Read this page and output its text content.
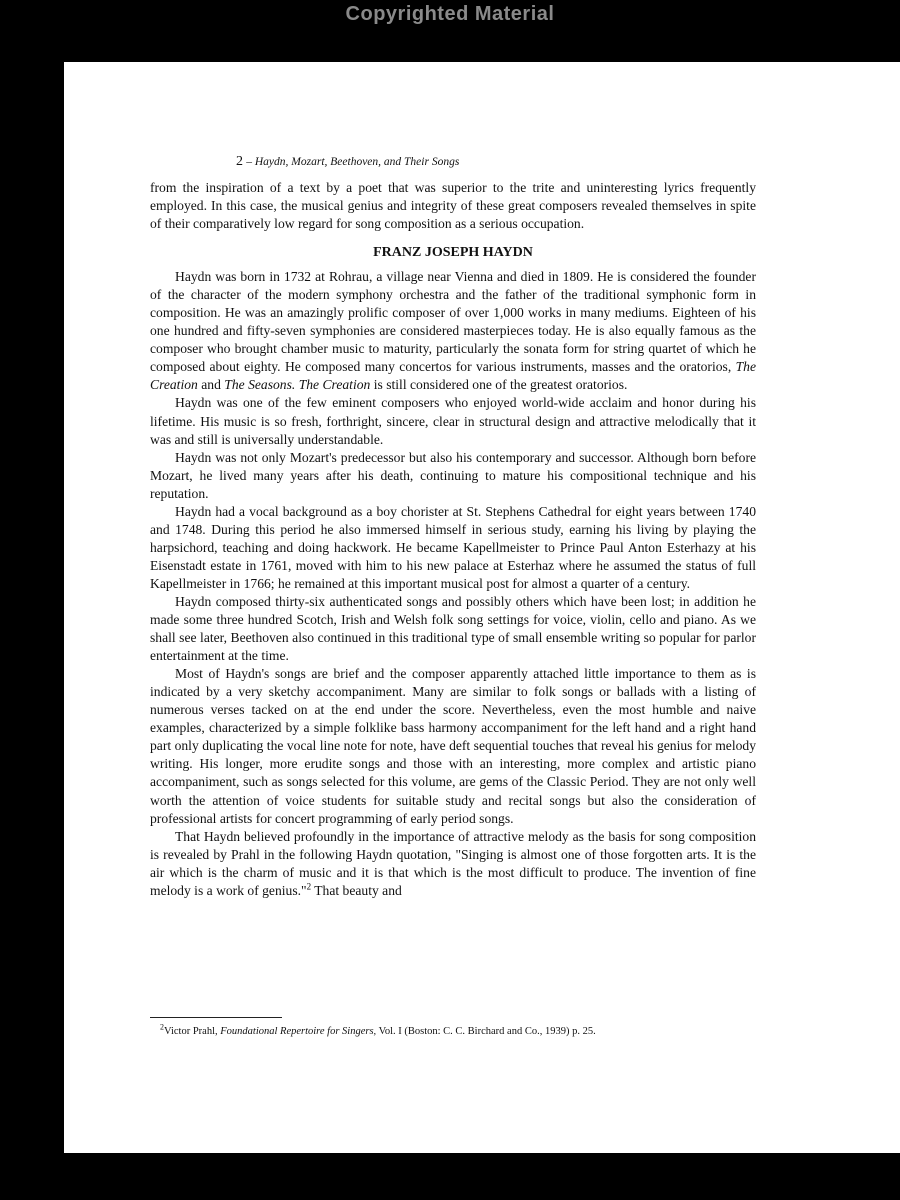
Copyrighted Material
2 – Haydn, Mozart, Beethoven, and Their Songs

from the inspiration of a text by a poet that was superior to the trite and uninteresting lyrics frequently employed. In this case, the musical genius and integrity of these great composers revealed themselves in spite of their comparatively low regard for song composition as a serious occupation.

FRANZ JOSEPH HAYDN

Haydn was born in 1732 at Rohrau, a village near Vienna and died in 1809. He is considered the founder of the character of the modern symphony orchestra and the father of the traditional symphonic form in composition. He was an amazingly prolific composer of over 1,000 works in many mediums. Eighteen of his one hundred and fifty-seven symphonies are considered masterpieces today. He is also equally famous as the composer who brought chamber music to maturity, particularly the sonata form for string quartet of which he composed about eighty. He composed many concertos for various instruments, masses and the oratorios, The Creation and The Seasons. The Creation is still considered one of the greatest oratorios.

Haydn was one of the few eminent composers who enjoyed world-wide acclaim and honor during his lifetime. His music is so fresh, forthright, sincere, clear in structural design and attractive melodically that it was and still is universally understandable.

Haydn was not only Mozart's predecessor but also his contemporary and successor. Although born before Mozart, he lived many years after his death, continuing to mature his compositional technique and his reputation.

Haydn had a vocal background as a boy chorister at St. Stephens Cathedral for eight years between 1740 and 1748. During this period he also immersed himself in serious study, earning his living by playing the harpsichord, teaching and doing hackwork. He became Kapellmeister to Prince Paul Anton Esterhazy at his Eisenstadt estate in 1761, moved with him to his new palace at Esterhaz where he assumed the status of full Kapellmeister in 1766; he remained at this important musical post for almost a quarter of a century.

Haydn composed thirty-six authenticated songs and possibly others which have been lost; in addition he made some three hundred Scotch, Irish and Welsh folk song settings for voice, violin, cello and piano. As we shall see later, Beethoven also continued in this traditional type of small ensemble writing so popular for parlor entertainment at the time.

Most of Haydn's songs are brief and the composer apparently attached little importance to them as is indicated by a very sketchy accompaniment. Many are similar to folk songs or ballads with a listing of numerous verses tacked on at the end under the score. Nevertheless, even the most humble and naive examples, characterized by a simple folklike bass harmony accompaniment for the left hand and a right hand part only duplicating the vocal line note for note, have deft sequential touches that reveal his genius for melody writing. His longer, more erudite songs and those with an interesting, more complex and artistic piano accompaniment, such as songs selected for this volume, are gems of the Classic Period. They are not only well worth the attention of voice students for suitable study and recital songs but also the consideration of professional artists for concert programming of early period songs.

That Haydn believed profoundly in the importance of attractive melody as the basis for song composition is revealed by Prahl in the following Haydn quotation, "Singing is almost one of those forgotten arts. It is the air which is the charm of music and it is that which is the most difficult to produce. The invention of fine melody is a work of genius."$^2$ That beauty and

$^2$Victor Prahl, Foundational Repertoire for Singers, Vol. I (Boston: C. C. Birchard and Co., 1939) p. 25.
